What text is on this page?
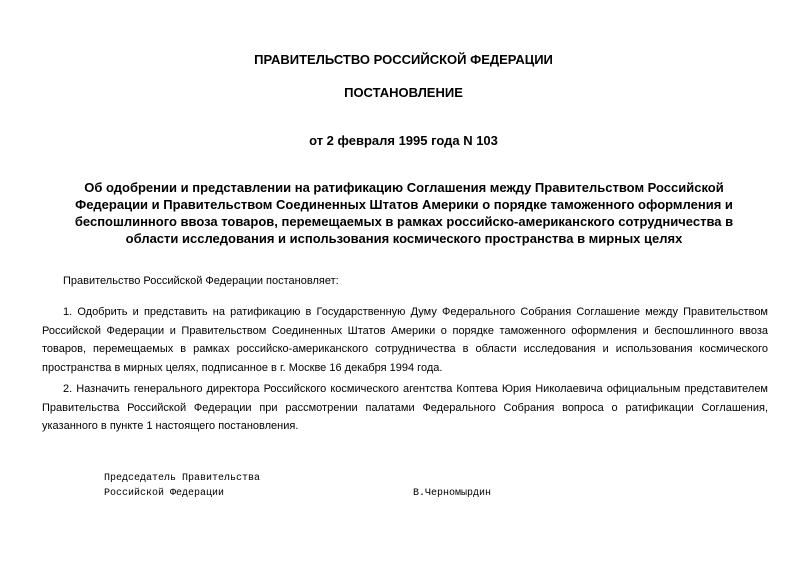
ПРАВИТЕЛЬСТВО РОССИЙСКОЙ ФЕДЕРАЦИИ

ПОСТАНОВЛЕНИЕ

от 2 февраля 1995 года N 103

Об одобрении и представлении на ратификацию Соглашения между Правительством Российской Федерации и Правительством Соединенных Штатов Америки о порядке таможенного оформления и беспошлинного ввоза товаров, перемещаемых в рамках российско-американского сотрудничества в области исследования и использования космического пространства в мирных целях

Правительство Российской Федерации постановляет:

1. Одобрить и представить на ратификацию в Государственную Думу Федерального Собрания Соглашение между Правительством Российской Федерации и Правительством Соединенных Штатов Америки о порядке таможенного оформления и беспошлинного ввоза товаров, перемещаемых в рамках российско-американского сотрудничества в области исследования и использования космического пространства в мирных целях, подписанное в г. Москве 16 декабря 1994 года.

2. Назначить генерального директора Российского космического агентства Коптева Юрия Николаевича официальным представителем Правительства Российской Федерации при рассмотрении палатами Федерального Собрания вопроса о ратификации Соглашения, указанного в пункте 1 настоящего постановления.

Председатель Правительства

Российской Федерации	В.Черномырдин
